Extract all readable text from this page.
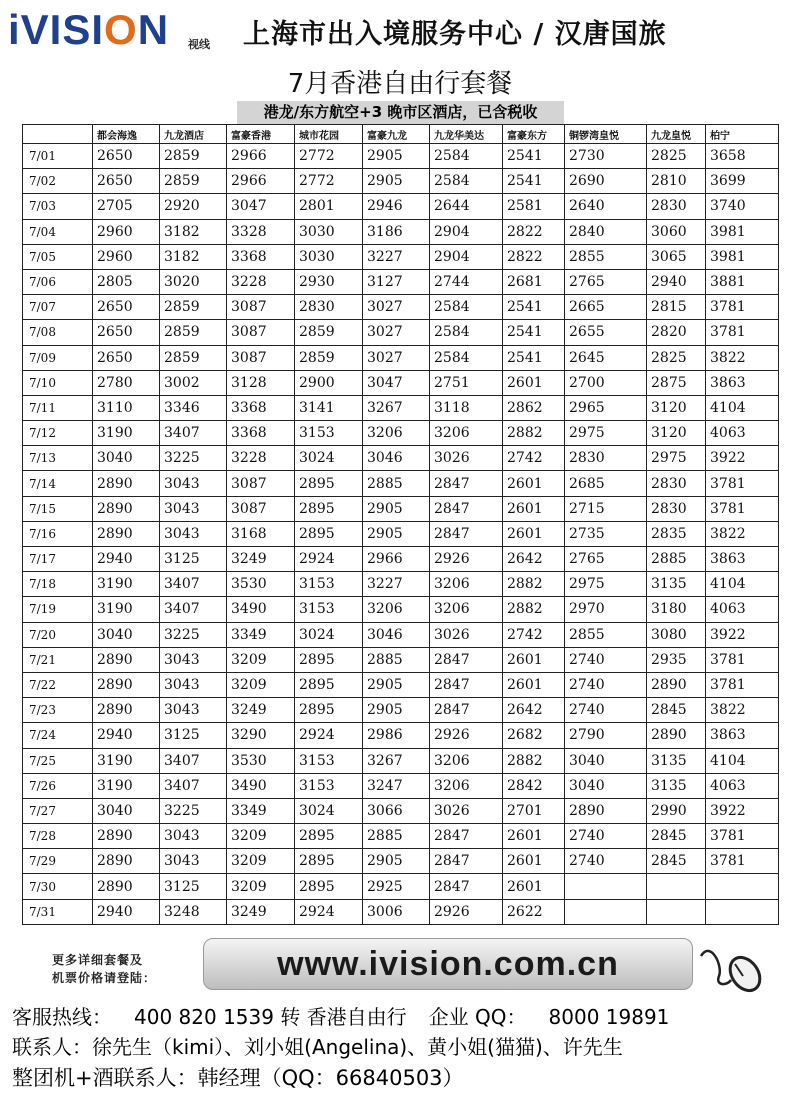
iVISION 视线 上海市出入境服务中心 / 汉唐国旅
7月香港自由行套餐
港龙/东方航空+3 晚市区酒店，已含税收
	都会海逸	九龙酒店	富豪香港	城市花园	富豪九龙	九龙华美达	富豪东方	铜锣湾皇悦	九龙皇悦	柏宁
7/01	2650	2859	2966	2772	2905	2584	2541	2730	2825	3658
7/02	2650	2859	2966	2772	2905	2584	2541	2690	2810	3699
7/03	2705	2920	3047	2801	2946	2644	2581	2640	2830	3740
7/04	2960	3182	3328	3030	3186	2904	2822	2840	3060	3981
7/05	2960	3182	3368	3030	3227	2904	2822	2855	3065	3981
7/06	2805	3020	3228	2930	3127	2744	2681	2765	2940	3881
7/07	2650	2859	3087	2830	3027	2584	2541	2665	2815	3781
7/08	2650	2859	3087	2859	3027	2584	2541	2655	2820	3781
7/09	2650	2859	3087	2859	3027	2584	2541	2645	2825	3822
7/10	2780	3002	3128	2900	3047	2751	2601	2700	2875	3863
7/11	3110	3346	3368	3141	3267	3118	2862	2965	3120	4104
7/12	3190	3407	3368	3153	3206	3206	2882	2975	3120	4063
7/13	3040	3225	3228	3024	3046	3026	2742	2830	2975	3922
7/14	2890	3043	3087	2895	2885	2847	2601	2685	2830	3781
7/15	2890	3043	3087	2895	2905	2847	2601	2715	2830	3781
7/16	2890	3043	3168	2895	2905	2847	2601	2735	2835	3822
7/17	2940	3125	3249	2924	2966	2926	2642	2765	2885	3863
7/18	3190	3407	3530	3153	3227	3206	2882	2975	3135	4104
7/19	3190	3407	3490	3153	3206	3206	2882	2970	3180	4063
7/20	3040	3225	3349	3024	3046	3026	2742	2855	3080	3922
7/21	2890	3043	3209	2895	2885	2847	2601	2740	2935	3781
7/22	2890	3043	3209	2895	2905	2847	2601	2740	2890	3781
7/23	2890	3043	3249	2895	2905	2847	2642	2740	2845	3822
7/24	2940	3125	3290	2924	2986	2926	2682	2790	2890	3863
7/25	3190	3407	3530	3153	3267	3206	2882	3040	3135	4104
7/26	3190	3407	3490	3153	3247	3206	2842	3040	3135	4063
7/27	3040	3225	3349	3024	3066	3026	2701	2890	2990	3922
7/28	2890	3043	3209	2895	2885	2847	2601	2740	2845	3781
7/29	2890	3043	3209	2895	2905	2847	2601	2740	2845	3781
7/30	2890	3125	3209	2895	2925	2847	2601			
7/31	2940	3248	3249	2924	3006	2926	2622			
更多详细套餐及
机票价格请登陆：	www.ivision.com.cn
客服热线： 400 820 1539 转 香港自由行 企业 QQ： 8000 19891
联系人：徐先生（kimi）、刘小姐(Angelina)、黄小姐(猫猫)、许先生
整团机+酒联系人：韩经理（QQ：66840503）
